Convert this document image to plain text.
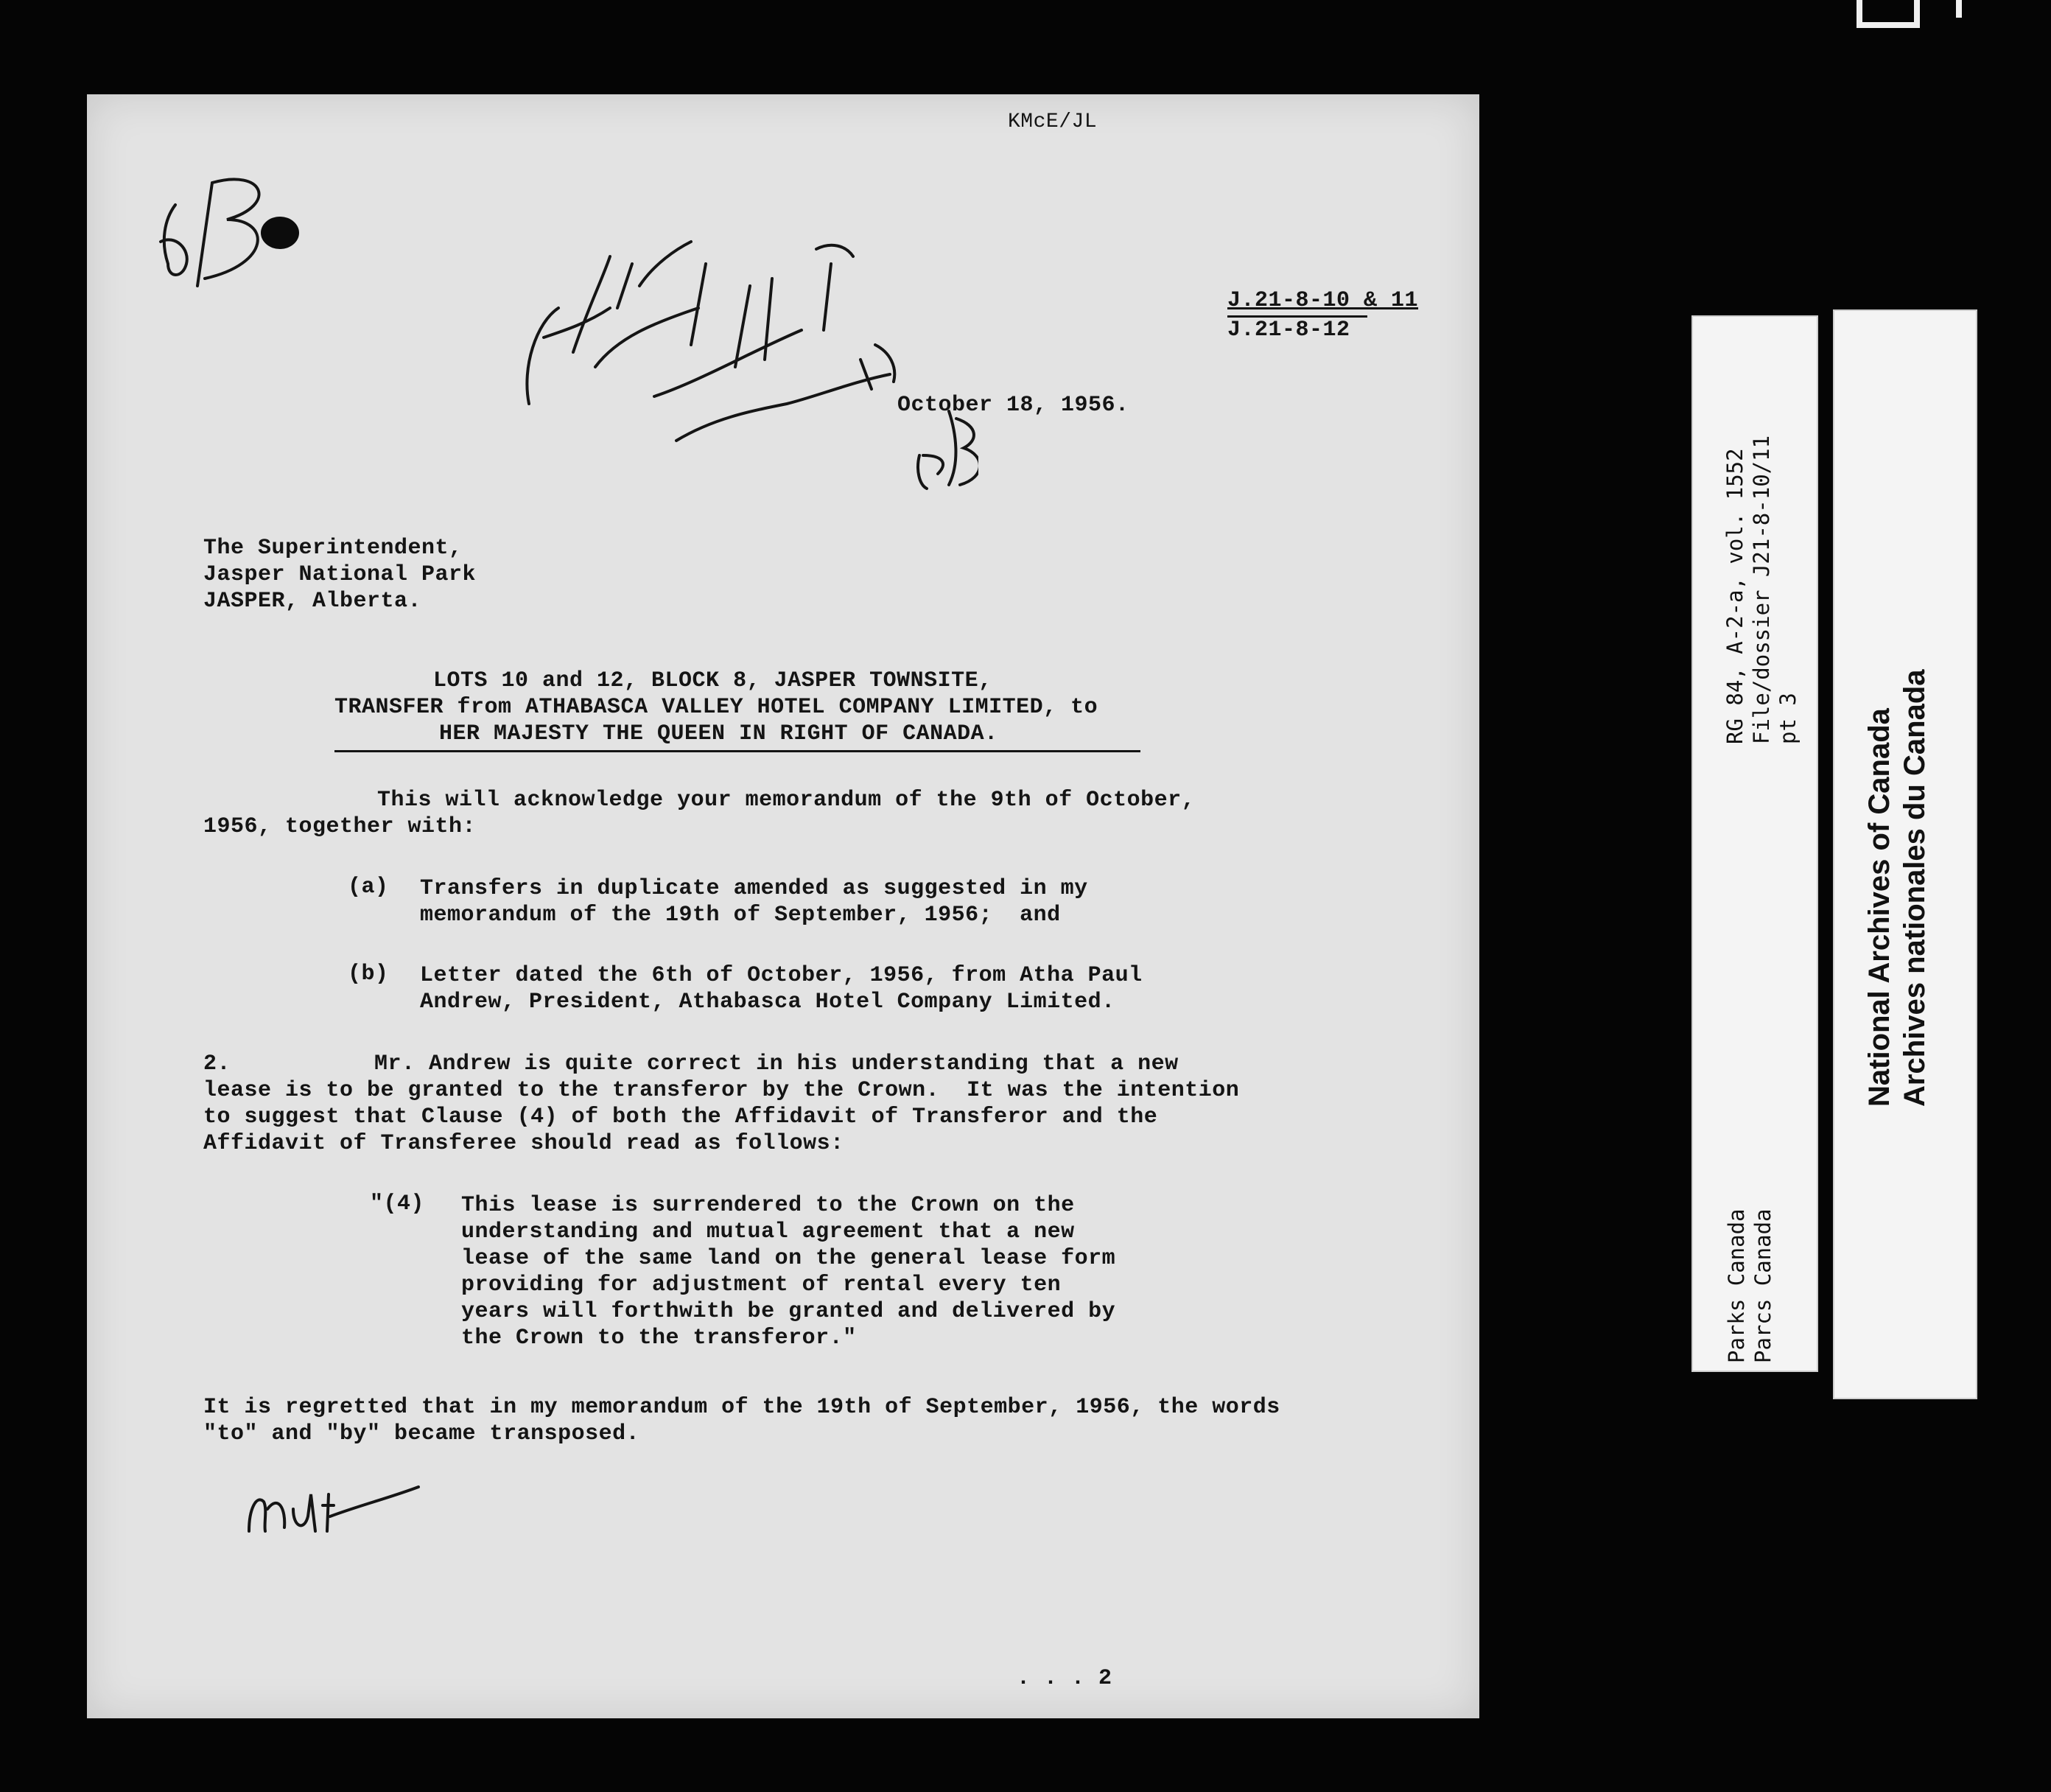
KMcE/JL
J.21-8-10 & 11
J.21-8-12
October 18, 1956.
The Superintendent,
Jasper National Park
JASPER, Alberta.
LOTS 10 and 12, BLOCK 8, JASPER TOWNSITE,
TRANSFER from ATHABASCA VALLEY HOTEL COMPANY LIMITED, to
HER MAJESTY THE QUEEN IN RIGHT OF CANADA.
This will acknowledge your memorandum of the 9th of October,
1956, together with:
(a) Transfers in duplicate amended as suggested in my
memorandum of the 19th of September, 1956;  and
(b) Letter dated the 6th of October, 1956, from Atha Paul
Andrew, President, Athabasca Hotel Company Limited.
2.	Mr. Andrew is quite correct in his understanding that a new
lease is to be granted to the transferor by the Crown.  It was the intention
to suggest that Clause (4) of both the Affidavit of Transferor and the
Affidavit of Transferee should read as follows:
"(4) This lease is surrendered to the Crown on the
understanding and mutual agreement that a new
lease of the same land on the general lease form
providing for adjustment of rental every ten
years will forthwith be granted and delivered by
the Crown to the transferor."
It is regretted that in my memorandum of the 19th of September, 1956, the words
"to" and "by" became transposed.
. . . 2
RG 84, A-2-a, vol. 1552 File/dossier J21-8-10/11 pt 3
Parks Canada Parcs Canada
National Archives of Canada Archives nationales du Canada
